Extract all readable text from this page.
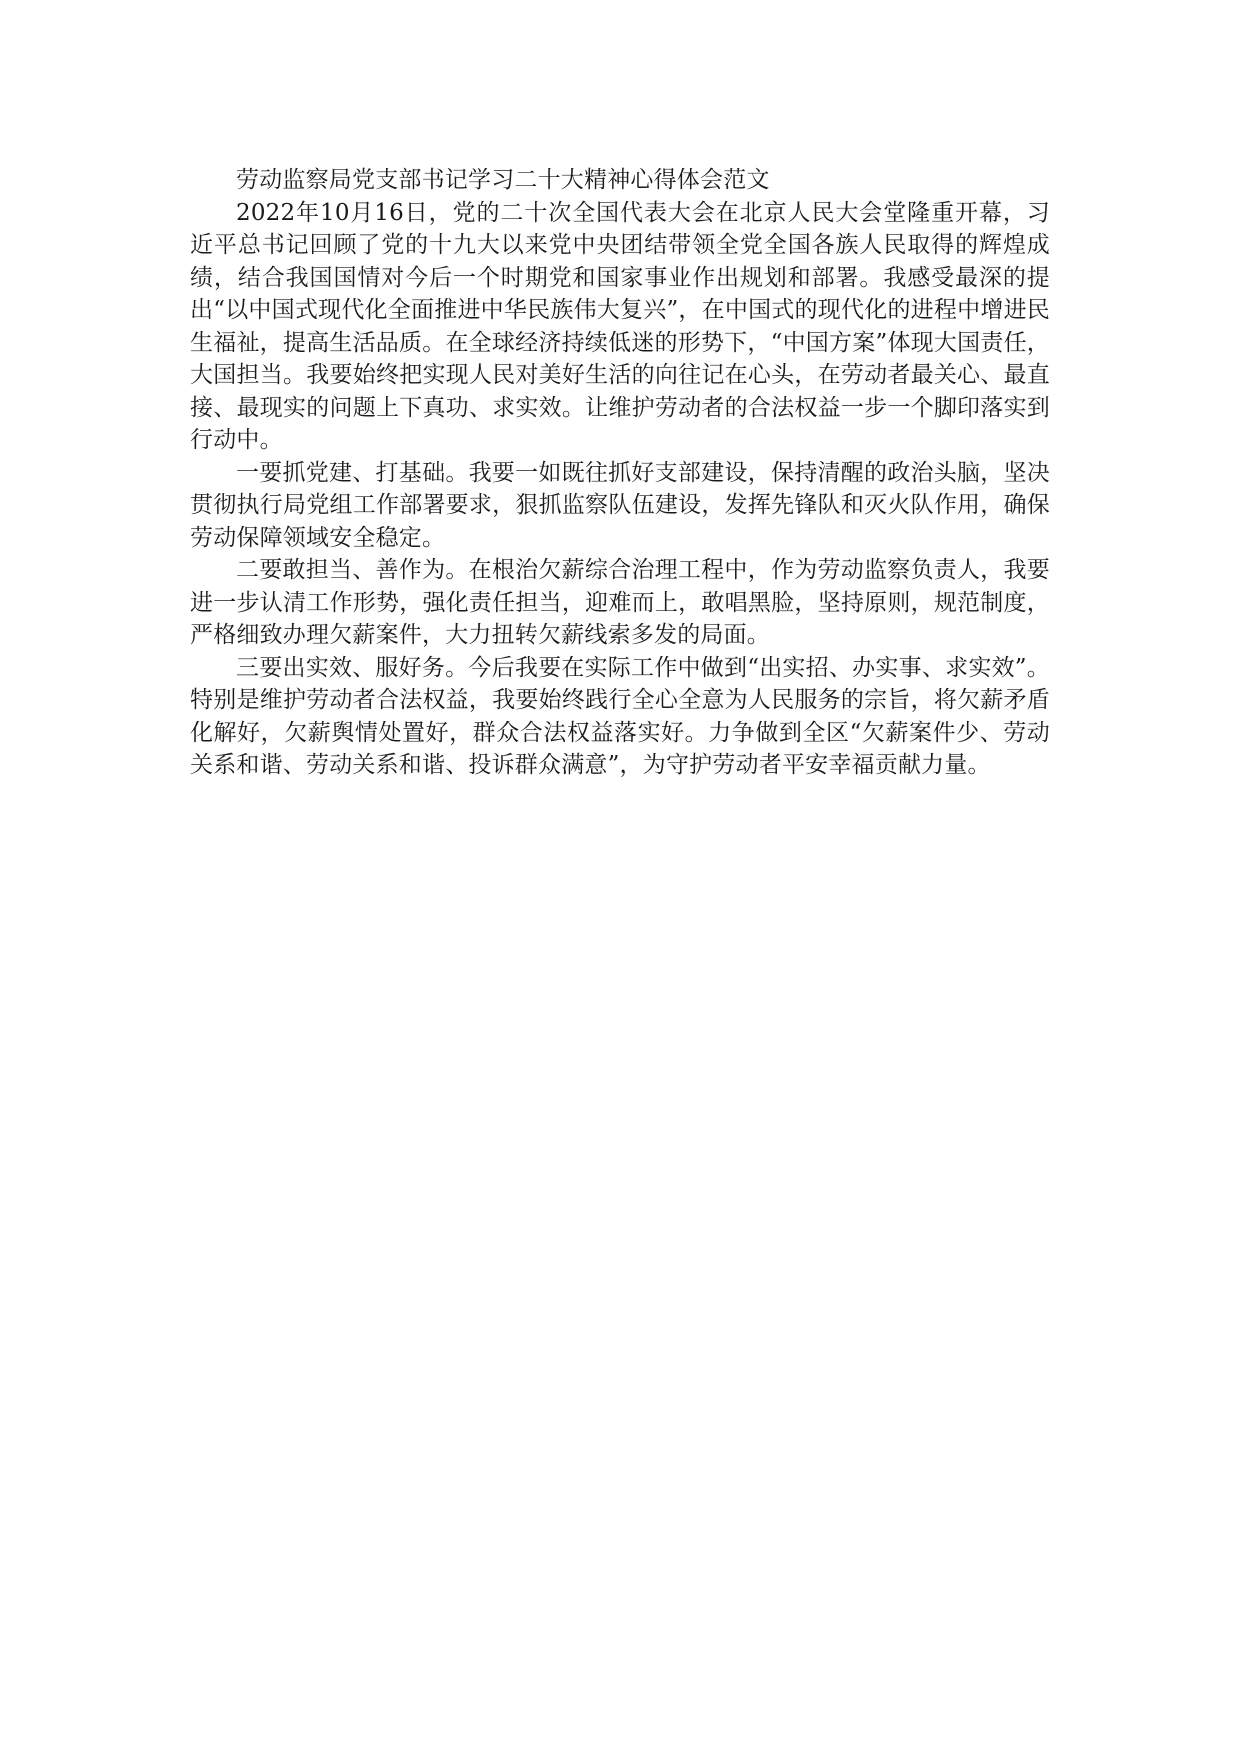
劳动监察局党支部书记学习二十大精神心得体会范文

2022年10月16日，党的二十次全国代表大会在北京人民大会堂隆重开幕，习近平总书记回顾了党的十九大以来党中央团结带领全党全国各族人民取得的辉煌成绩，结合我国国情对今后一个时期党和国家事业作出规划和部署。我感受最深的提出“以中国式现代化全面推进中华民族伟大复兴”，在中国式的现代化的进程中增进民生福祉，提高生活品质。在全球经济持续低迷的形势下，“中国方案”体现大国责任，大国担当。我要始终把实现人民对美好生活的向往记在心头，在劳动者最关心、最直接、最现实的问题上下真功、求实效。让维护劳动者的合法权益一步一个脚印落实到行动中。

一要抓党建、打基础。我要一如既往抓好支部建设，保持清醒的政治头脑，坚决贯彻执行局党组工作部署要求，狠抓监察队伍建设，发挥先锋队和灭火队作用，确保劳动保障领域安全稳定。

二要敢担当、善作为。在根治欠薪综合治理工程中，作为劳动监察负责人，我要进一步认清工作形势，强化责任担当，迎难而上，敢唱黑脸，坚持原则，规范制度，严格细致办理欠薪案件，大力扭转欠薪线索多发的局面。

三要出实效、服好务。今后我要在实际工作中做到“出实招、办实事、求实效”。特别是维护劳动者合法权益，我要始终践行全心全意为人民服务的宗旨，将欠薪矛盾化解好，欠薪舆情处置好，群众合法权益落实好。力争做到全区“欠薪案件少、劳动关系和谐、劳动关系和谐、投诉群众满意”，为守护劳动者平安幸福贡献力量。
